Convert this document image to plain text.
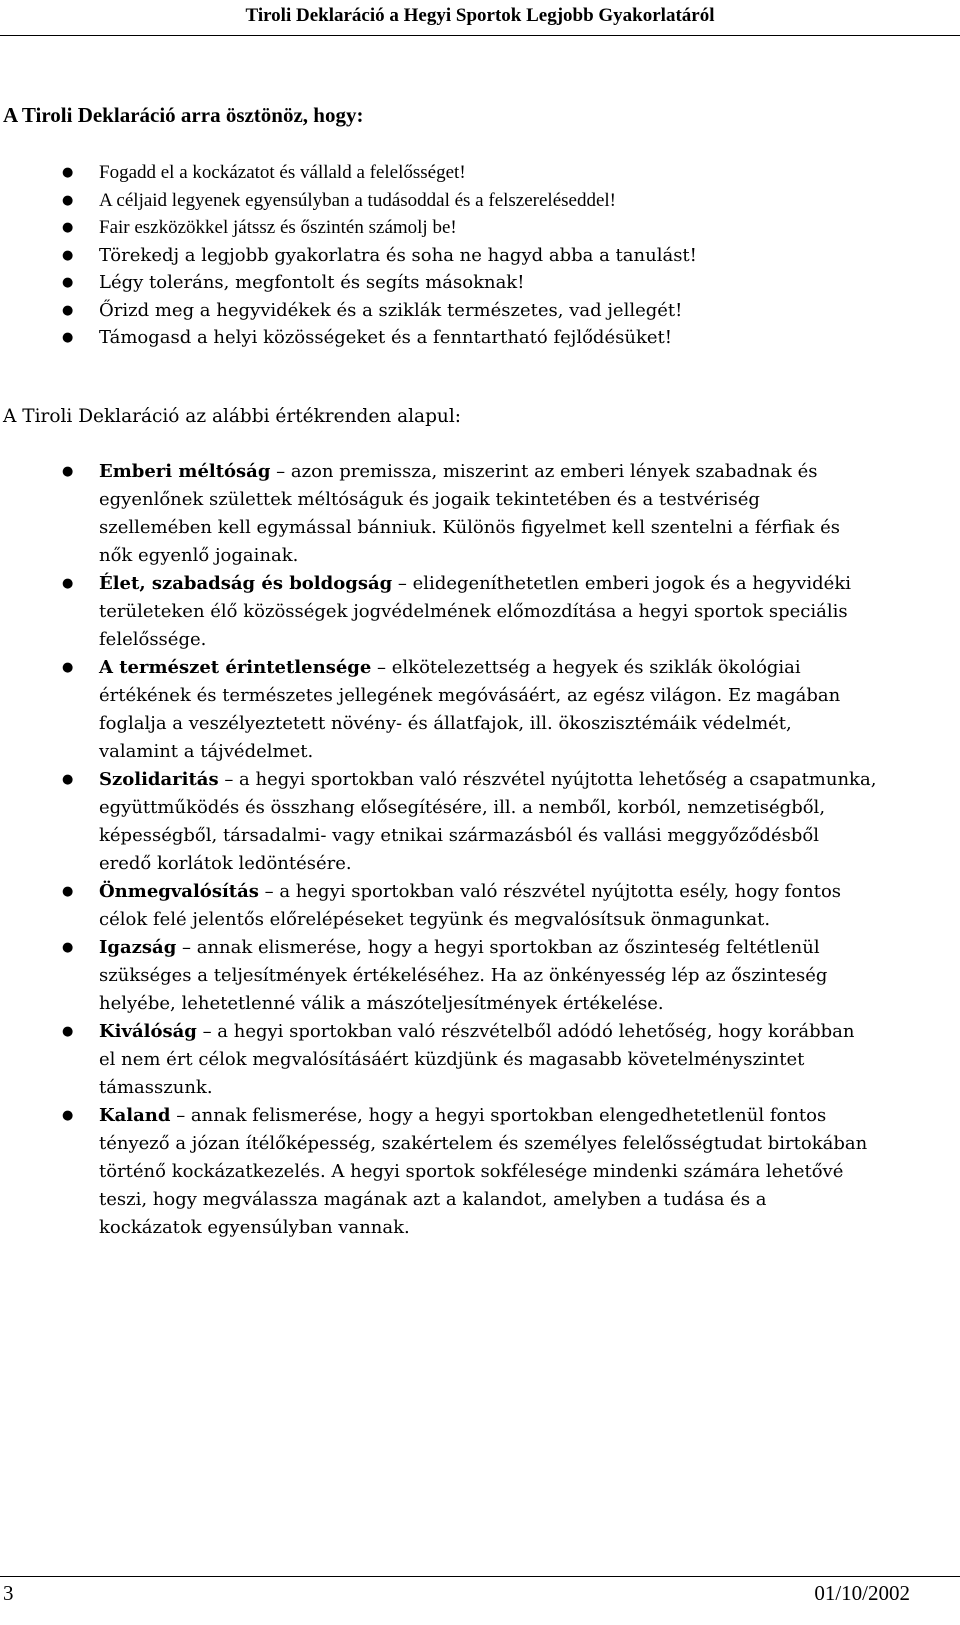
Tiroli Deklaráció a Hegyi Sportok Legjobb Gyakorlatáról
A Tiroli Deklaráció arra ösztönöz, hogy:
● Fogadd el a kockázatot és vállald a felelősséget!
● A céljaid legyenek egyensúlyban a tudásoddal és a felszereléseddel!
● Fair eszközökkel játssz és őszintén számolj be!
● Törekedj a legjobb gyakorlatra és soha ne hagyd abba a tanulást!
● Légy toleráns, megfontolt és segíts másoknak!
● Őrizd meg a hegyvidékek és a sziklák természetes, vad jellegét!
● Támogasd a helyi közösségeket és a fenntartható fejlődésüket!
A Tiroli Deklaráció az alábbi értékrenden alapul:
● Emberi méltóság – azon premissza, miszerint az emberi lények szabadnak és
egyenlőnek születtek méltóságuk és jogaik tekintetében és a testvériség
szellemében kell egymással bánniuk. Különös figyelmet kell szentelni a férfiak és
nők egyenlő jogainak.
● Élet, szabadság és boldogság – elidegeníthetetlen emberi jogok és a hegyvidéki
területeken élő közösségek jogvédelmének előmozdítása a hegyi sportok speciális
felelőssége.
● A természet érintetlensége – elkötelezettség a hegyek és sziklák ökológiai
értékének és természetes jellegének megóvásáért, az egész világon. Ez magában
foglalja a veszélyeztetett növény- és állatfajok, ill. ökoszisztémáik védelmét,
valamint a tájvédelmet.
● Szolidaritás – a hegyi sportokban való részvétel nyújtotta lehetőség a csapatmunka,
együttműködés és összhang elősegítésére, ill. a nemből, korból, nemzetiségből,
képességből, társadalmi- vagy etnikai származásból és vallási meggyőződésből
eredő korlátok ledöntésére.
● Önmegvalósítás – a hegyi sportokban való részvétel nyújtotta esély, hogy fontos
célok felé jelentős előrelépéseket tegyünk és megvalósítsuk önmagunkat.
● Igazság – annak elismerése, hogy a hegyi sportokban az őszinteség feltétlenül
szükséges a teljesítmények értékeléséhez. Ha az önkényesség lép az őszinteség
helyébe, lehetetlenné válik a mászóteljesítmények értékelése.
● Kiválóság – a hegyi sportokban való részvételből adódó lehetőség, hogy korábban
el nem ért célok megvalósításáért küzdjünk és magasabb követelményszintet
támasszunk.
● Kaland – annak felismerése, hogy a hegyi sportokban elengedhetetlenül fontos
tényező a józan ítélőképesség, szakértelem és személyes felelősségtudat birtokában
történő kockázatkezelés. A hegyi sportok sokfélesége mindenki számára lehetővé
teszi, hogy megválassza magának azt a kalandot, amelyben a tudása és a
kockázatok egyensúlyban vannak.
3	01/10/2002
